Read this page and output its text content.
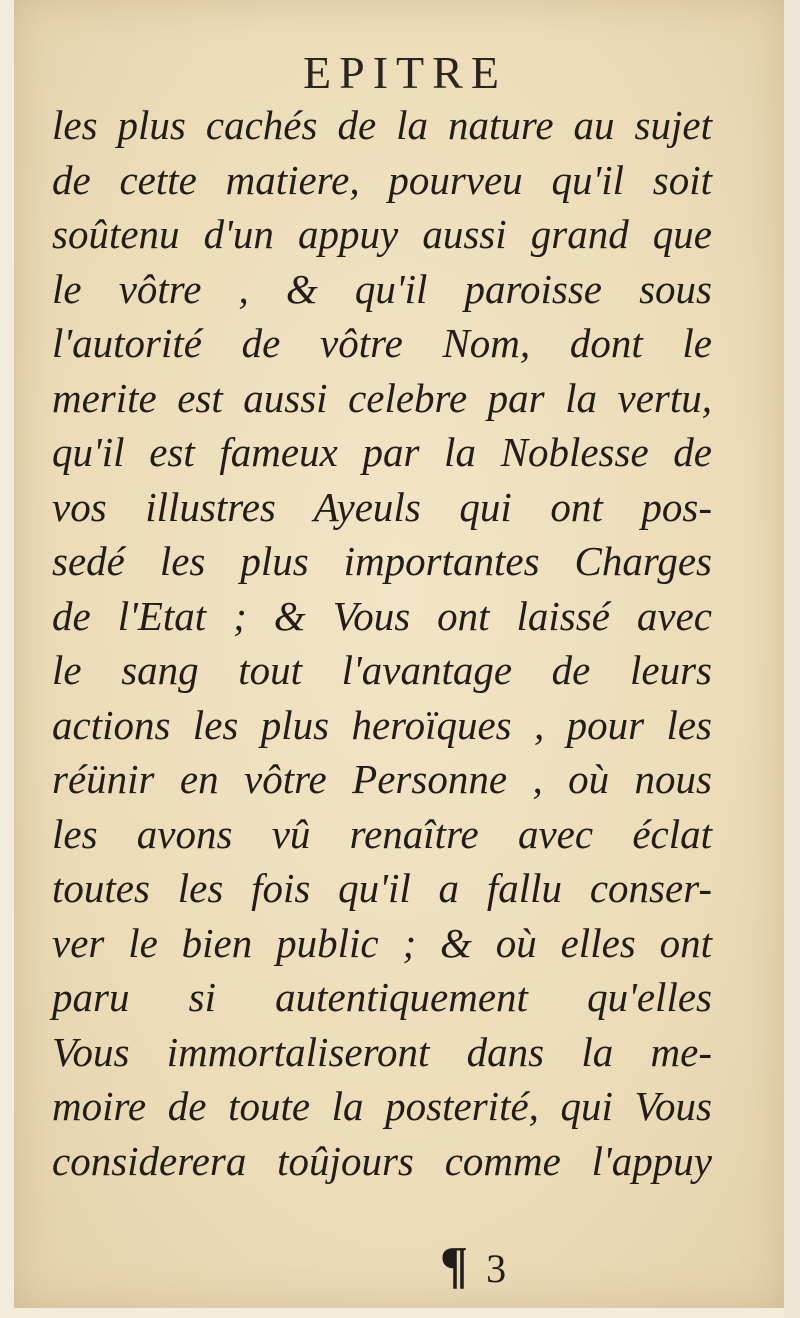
EPITRE
les plus cachés de la nature au sujet
de cette matiere, pourveu qu'il soit
soûtenu d'un appuy aussi grand que
le vôtre , & qu'il paroisse sous
l'autorité de vôtre Nom, dont le
merite est aussi celebre par la vertu,
qu'il est fameux par la Noblesse de
vos illustres Ayeuls qui ont pos-
sedé les plus importantes Charges
de l'Etat ; & Vous ont laissé avec
le sang tout l'avantage de leurs
actions les plus heroïques , pour les
réünir en vôtre Personne , où nous
les avons vû renaître avec éclat
toutes les fois qu'il a fallu conser-
ver le bien public ; & où elles ont
paru si autentiquement qu'elles
Vous immortaliseront dans la me-
moire de toute la posterité, qui Vous
considerera toûjours comme l'appuy
¶ 3
